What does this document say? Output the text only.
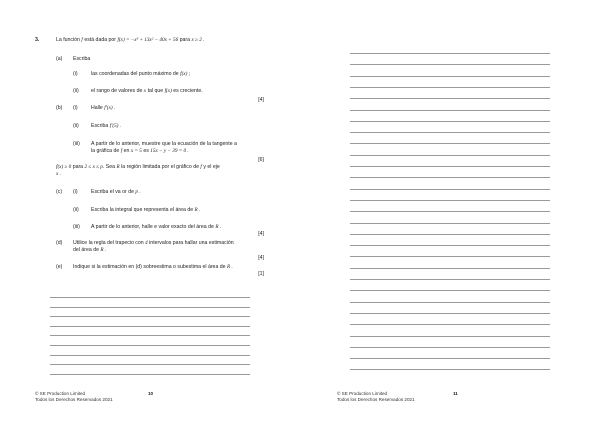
3.	La función f está dada por f(x) = −x³ + 13x² − 40x + 56 para x ≥ 2 .
(a) Escriba
(i)	las coordenadas del punto máximo de f(x) ;
(ii) el rango de valores de x tal que f(x) es creciente.
[4]
(b) (i)	Halle f′(x) .
(ii) Escriba f′(5) .
(iii) A partir de lo anterior, muestre que la ecuación de la tangente a
la gráfica de f en x = 5 es 15x − y − 39 = 0 .
[6]
f(x) ≥ 0 para 2 ≤ x ≤ p. Sea R la región limitada por el gráfico de f y el eje
x .
(c) (i)	Escriba el va or de p .
(ii) Escriba la integral que representa el área de R .
(iii) A partir de lo anterior, halle e valor exacto del área de R .
[4]
(d) Utilice la regla del trapecio con 4 intervalos para hallar una estimación
del área de R .
[4]
(e) Indique si la estimación en (d) sobreestima o subestima el área de R .
[1]
© SE Production Limited
Todos los Derechos Reservados 2021
10	© SE Production Limited
Todos los Derechos Reservados 2021
11
